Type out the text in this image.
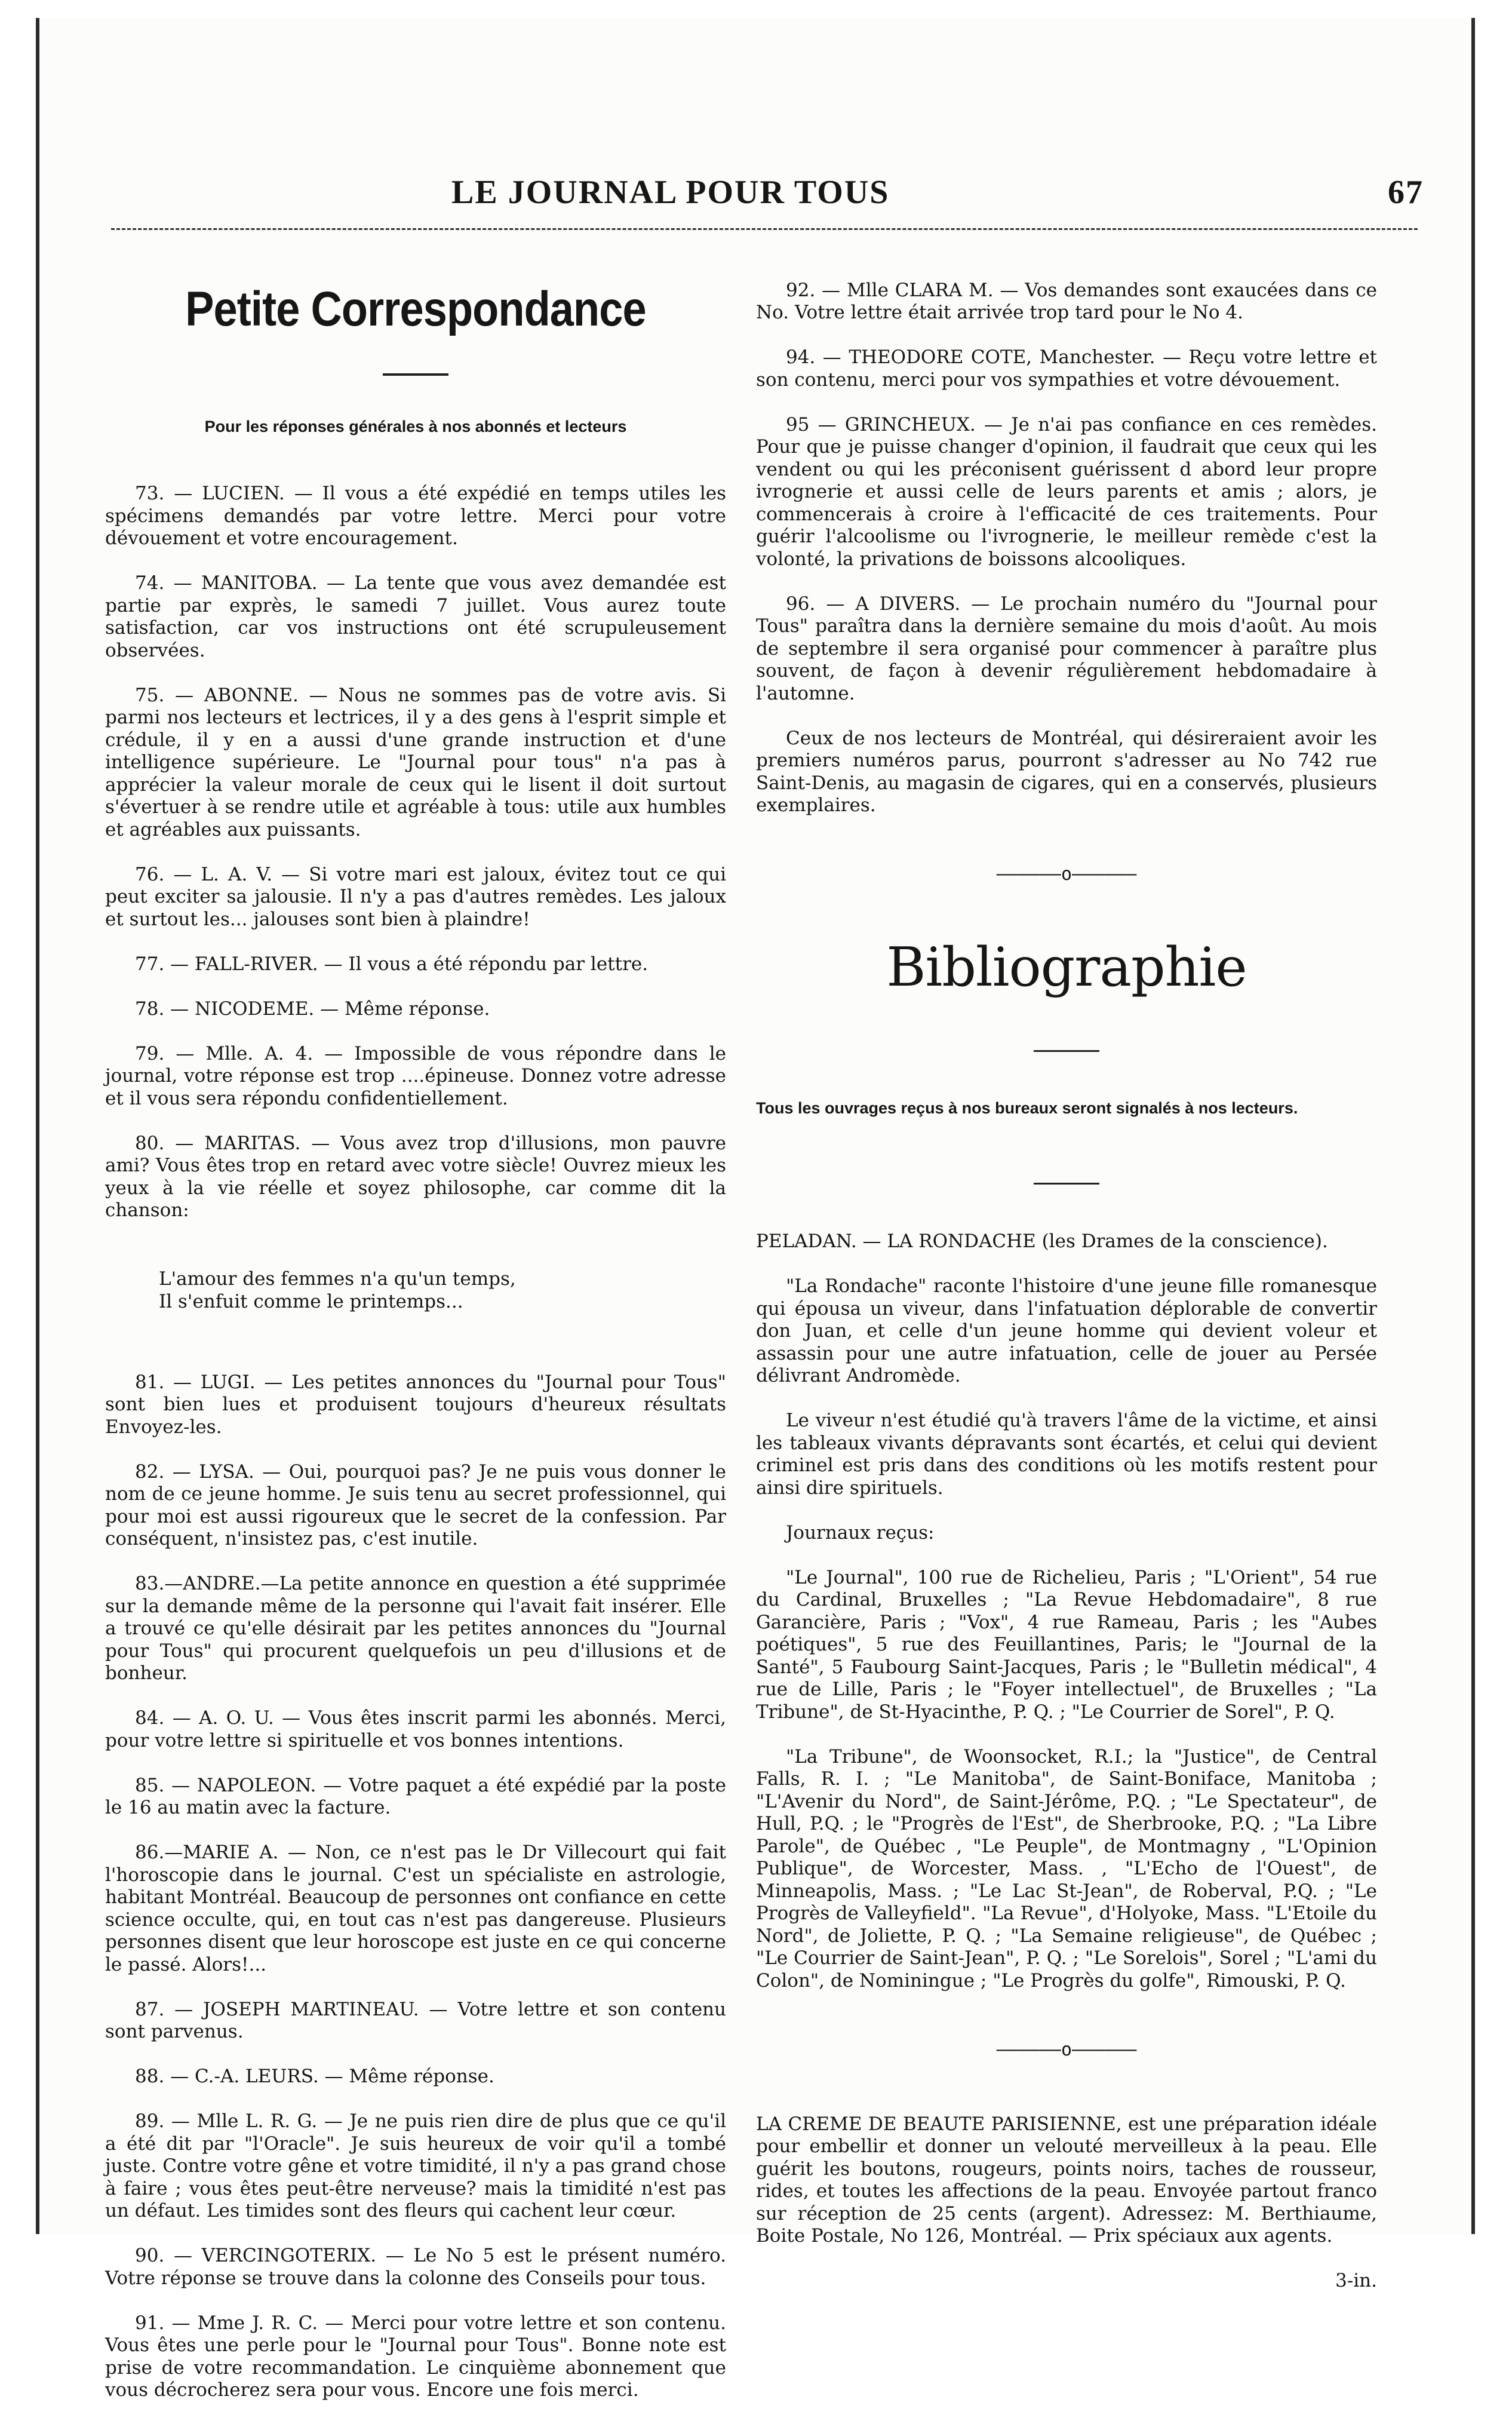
LE JOURNAL POUR TOUS	67

Petite Correspondance

Pour les réponses générales à nos abonnés et lecteurs

73. — LUCIEN. — Il vous a été expédié en temps utiles les spécimens demandés par votre lettre. Merci pour votre dévouement et votre encouragement.

74. — MANITOBA. — La tente que vous avez demandée est partie par exprès, le samedi 7 juillet. Vous aurez toute satisfaction, car vos instructions ont été scrupuleusement observées.

75. — ABONNE. — Nous ne sommes pas de votre avis. Si parmi nos lecteurs et lectrices, il y a des gens à l'esprit simple et crédule, il y en a aussi d'une grande instruction et d'une intelligence supérieure. Le "Journal pour tous" n'a pas à apprécier la valeur morale de ceux qui le lisent il doit surtout s'évertuer à se rendre utile et agréable à tous: utile aux humbles et agréables aux puissants.

76. — L. A. V. — Si votre mari est jaloux, évitez tout ce qui peut exciter sa jalousie. Il n'y a pas d'autres remèdes. Les jaloux et surtout les... jalouses sont bien à plaindre!

77. — FALL-RIVER. — Il vous a été répondu par lettre.

78. — NICODEME. — Même réponse.

79. — Mlle. A. 4. — Impossible de vous répondre dans le journal, votre réponse est trop ....épineuse. Donnez votre adresse et il vous sera répondu confidentiellement.

80. — MARITAS. — Vous avez trop d'illusions, mon pauvre ami? Vous êtes trop en retard avec votre siècle! Ouvrez mieux les yeux à la vie réelle et soyez philosophe, car comme dit la chanson:

L'amour des femmes n'a qu'un temps,
Il s'enfuit comme le printemps...

81. — LUGI. — Les petites annonces du "Journal pour Tous" sont bien lues et produisent toujours d'heureux résultats Envoyez-les.

82. — LYSA. — Oui, pourquoi pas? Je ne puis vous donner le nom de ce jeune homme. Je suis tenu au secret professionnel, qui pour moi est aussi rigoureux que le secret de la confession. Par conséquent, n'insistez pas, c'est inutile.

83.—ANDRE.—La petite annonce en question a été supprimée sur la demande même de la personne qui l'avait fait insérer. Elle a trouvé ce qu'elle désirait par les petites annonces du "Journal pour Tous" qui procurent quelquefois un peu d'illusions et de bonheur.

84. — A. O. U. — Vous êtes inscrit parmi les abonnés. Merci, pour votre lettre si spirituelle et vos bonnes intentions.

85. — NAPOLEON. — Votre paquet a été expédié par la poste le 16 au matin avec la facture.

86.—MARIE A. — Non, ce n'est pas le Dr Villecourt qui fait l'horoscopie dans le journal. C'est un spécialiste en astrologie, habitant Montréal. Beaucoup de personnes ont confiance en cette science occulte, qui, en tout cas n'est pas dangereuse. Plusieurs personnes disent que leur horoscope est juste en ce qui concerne le passé. Alors!...

87. — JOSEPH MARTINEAU. — Votre lettre et son contenu sont parvenus.

88. — C.-A. LEURS. — Même réponse.

89. — Mlle L. R. G. — Je ne puis rien dire de plus que ce qu'il a été dit par "l'Oracle". Je suis heureux de voir qu'il a tombé juste. Contre votre gêne et votre timidité, il n'y a pas grand chose à faire ; vous êtes peut-être nerveuse? mais la timidité n'est pas un défaut. Les timides sont des fleurs qui cachent leur cœur.

90. — VERCINGOTERIX. — Le No 5 est le présent numéro. Votre réponse se trouve dans la colonne des Conseils pour tous.

91. — Mme J. R. C. — Merci pour votre lettre et son contenu. Vous êtes une perle pour le "Journal pour Tous". Bonne note est prise de votre recommandation. Le cinquième abonnement que vous décrocherez sera pour vous. Encore une fois merci.

92. — Mlle CLARA M. — Vos demandes sont exaucées dans ce No. Votre lettre était arrivée trop tard pour le No 4.

94. — THEODORE COTE, Manchester. — Reçu votre lettre et son contenu, merci pour vos sympathies et votre dévouement.

95 — GRINCHEUX. — Je n'ai pas confiance en ces remèdes. Pour que je puisse changer d'opinion, il faudrait que ceux qui les vendent ou qui les préconisent guérissent d abord leur propre ivrognerie et aussi celle de leurs parents et amis ; alors, je commencerais à croire à l'efficacité de ces traitements. Pour guérir l'alcoolisme ou l'ivrognerie, le meilleur remède c'est la volonté, la privations de boissons alcooliques.

96. — A DIVERS. — Le prochain numéro du "Journal pour Tous" paraîtra dans la dernière semaine du mois d'août. Au mois de septembre il sera organisé pour commencer à paraître plus souvent, de façon à devenir régulièrement hebdomadaire à l'automne.

Ceux de nos lecteurs de Montréal, qui désireraient avoir les premiers numéros parus, pourront s'adresser au No 742 rue Saint-Denis, au magasin de cigares, qui en a conservés, plusieurs exemplaires.

——————o——————

Bibliographie

Tous les ouvrages reçus à nos bureaux seront signalés à nos lecteurs.

PELADAN. — LA RONDACHE (les Drames de la conscience).

"La Rondache" raconte l'histoire d'une jeune fille romanesque qui épousa un viveur, dans l'infatuation déplorable de convertir don Juan, et celle d'un jeune homme qui devient voleur et assassin pour une autre infatuation, celle de jouer au Persée délivrant Andromède.

Le viveur n'est étudié qu'à travers l'âme de la victime, et ainsi les tableaux vivants dépravants sont écartés, et celui qui devient criminel est pris dans des conditions où les motifs restent pour ainsi dire spirituels.

Journaux reçus:

"Le Journal", 100 rue de Richelieu, Paris ; "L'Orient", 54 rue du Cardinal, Bruxelles ; "La Revue Hebdomadaire", 8 rue Garancière, Paris ; "Vox", 4 rue Rameau, Paris ; les "Aubes poétiques", 5 rue des Feuillantines, Paris; le "Journal de la Santé", 5 Faubourg Saint-Jacques, Paris ; le "Bulletin médical", 4 rue de Lille, Paris ; le "Foyer intellectuel", de Bruxelles ; "La Tribune", de St-Hyacinthe, P. Q. ; "Le Courrier de Sorel", P. Q.

"La Tribune", de Woonsocket, R.I.; la "Justice", de Central Falls, R. I. ; "Le Manitoba", de Saint-Boniface, Manitoba ; "L'Avenir du Nord", de Saint-Jérôme, P.Q. ; "Le Spectateur", de Hull, P.Q. ; le "Progrès de l'Est", de Sherbrooke, P.Q. ; "La Libre Parole", de Québec , "Le Peuple", de Montmagny , "L'Opinion Publique", de Worcester, Mass. , "L'Echo de l'Ouest", de Minneapolis, Mass. ; "Le Lac St-Jean", de Roberval, P.Q. ; "Le Progrès de Valleyfield". "La Revue", d'Holyoke, Mass. "L'Etoile du Nord", de Joliette, P. Q. ; "La Semaine religieuse", de Québec ; "Le Courrier de Saint-Jean", P. Q. ; "Le Sorelois", Sorel ; "L'ami du Colon", de Nominingue ; "Le Progrès du golfe", Rimouski, P. Q.

——————o——————

LA CREME DE BEAUTE PARISIENNE, est une préparation idéale pour embellir et donner un velouté merveilleux à la peau. Elle guérit les boutons, rougeurs, points noirs, taches de rousseur, rides, et toutes les affections de la peau. Envoyée partout franco sur réception de 25 cents (argent). Adressez: M. Berthiaume, Boite Postale, No 126, Montréal. — Prix spéciaux aux agents.

3-in.
